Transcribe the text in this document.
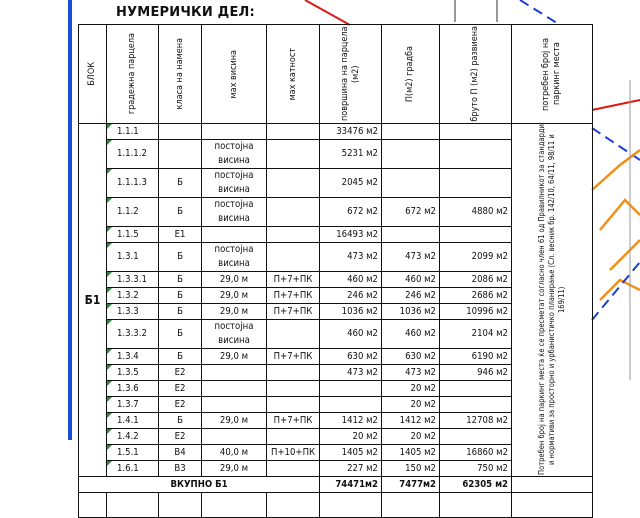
НУМЕРИЧКИ ДЕЛ:
БЛОК	градежна парцела	класа на намена	мах висина	мах катност	површина на парцела (м2)	П(м2) градба	бруто П (м2) развиена	потребен број на паркинг места

Б1	1.1.1				33476 м2			Потребен број на паркинг места ќе се пресметат согласно член 61 од Правилникот за стандарди и нормативи за просторно и урбанистичко планирање (Сл. весник бр. 142/10, 64/11, 98/11 и 169/11)

	1.1.1.2		постојна висина		5231 м2			
	1.1.1.3	Б	постојна висина		2045 м2			
	1.1.2	Б	постојна висина		672 м2	672 м2	4880 м2	
	1.1.5	Е1			16493 м2			
	1.3.1	Б	постојна висина		473 м2	473 м2	2099 м2	
	1.3.3.1	Б	29,0 м	П+7+ПК	460 м2	460 м2	2086 м2	
	1.3.2	Б	29,0 м	П+7+ПК	246 м2	246 м2	2686 м2	
	1.3.3	Б	29,0 м	П+7+ПК	1036 м2	1036 м2	10996 м2	
	1.3.3.2	Б	постојна висина		460 м2	460 м2	2104 м2	
	1.3.4	Б	29,0 м	П+7+ПК	630 м2	630 м2	6190 м2	
	1.3.5	Е2			473 м2	473 м2	946 м2	
	1.3.6	Е2				20 м2		
	1.3.7	Е2				20 м2		
	1.4.1	Б	29,0 м	П+7+ПК	1412 м2	1412 м2	12708 м2	
	1.4.2	Е2			20 м2	20 м2		
	1.5.1	В4	40,0 м	П+10+ПК	1405 м2	1405 м2	16860 м2	
	1.6.1	В3	29,0 м		227 м2	150 м2	750 м2	
ВКУПНО Б1					74471м2	7477м2	62305 м2	
